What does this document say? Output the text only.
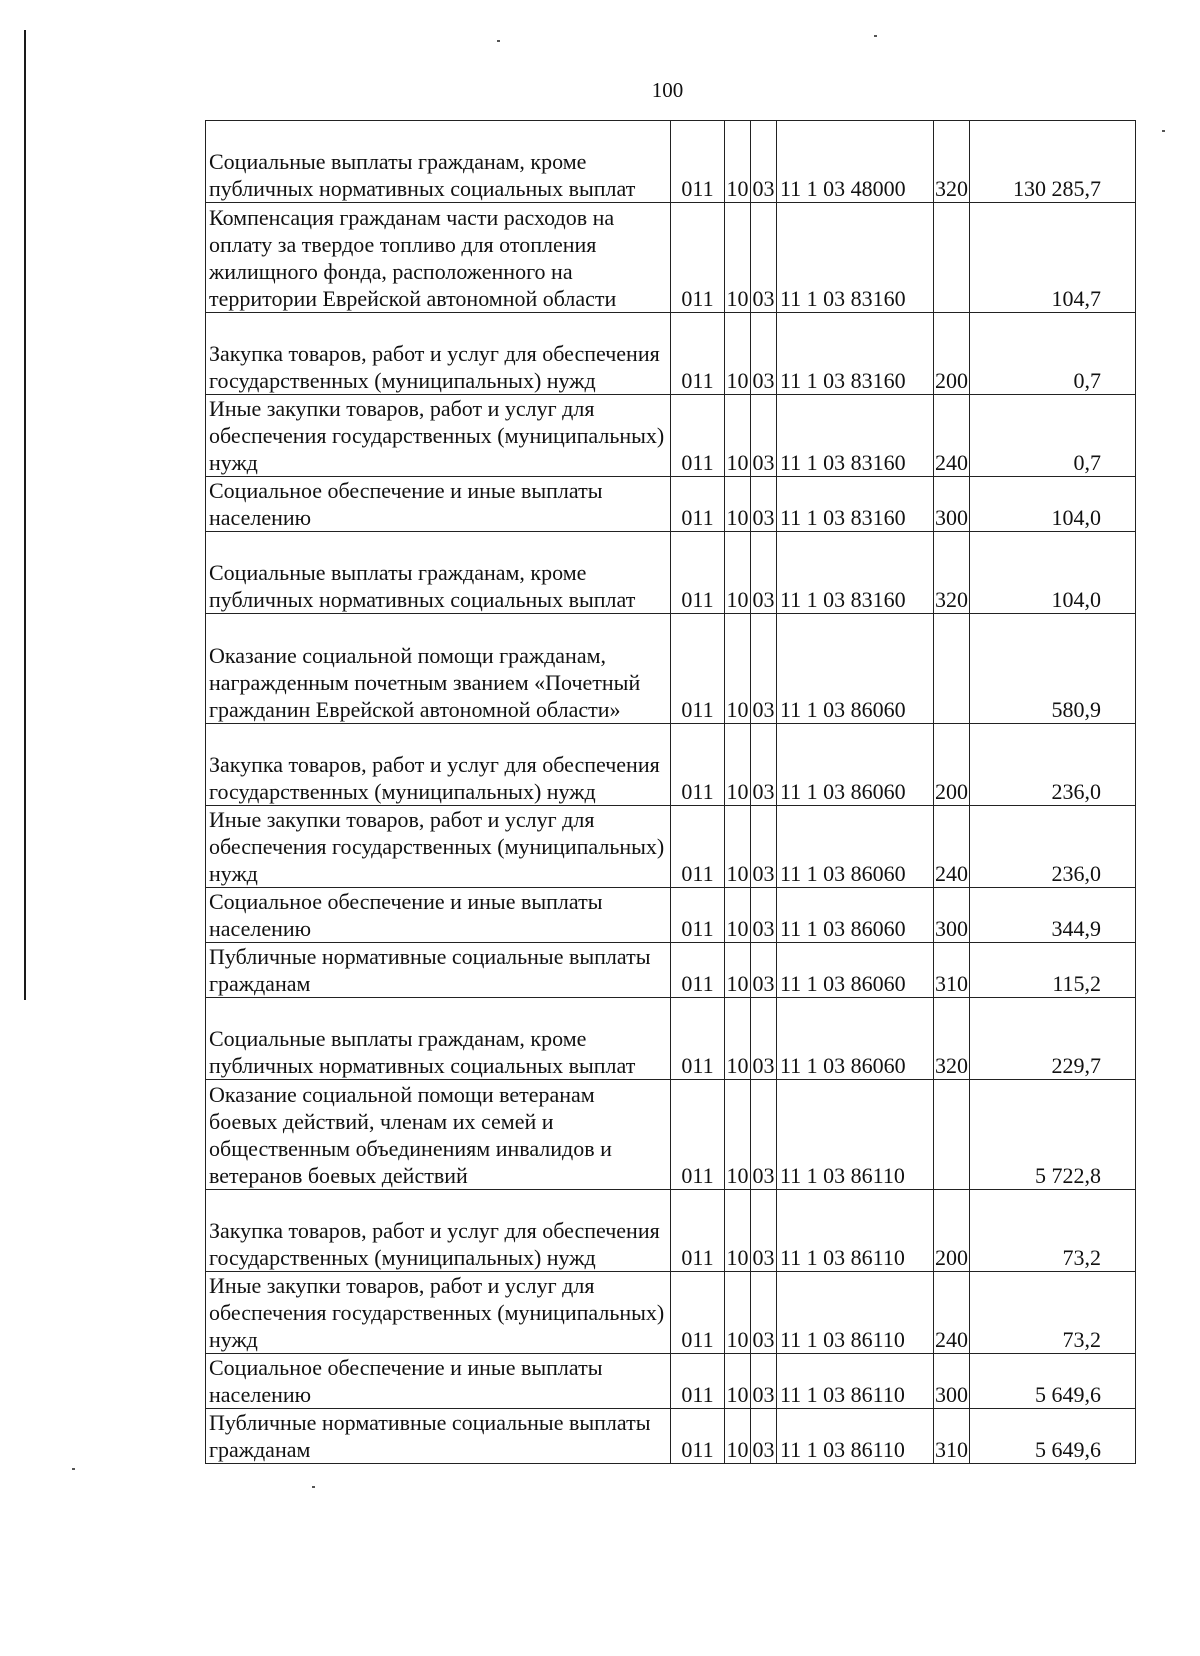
100
Социальные выплаты гражданам, кроме публичных нормативных социальных выплат	011	10	03	11 1 03 48000	320	130 285,7
Компенсация гражданам части расходов на оплату за твердое топливо для отопления жилищного фонда, расположенного на территории Еврейской автономной области	011	10	03	11 1 03 83160		104,7
Закупка товаров, работ и услуг для обеспечения государственных (муниципальных) нужд	011	10	03	11 1 03 83160	200	0,7
Иные закупки товаров, работ и услуг для обеспечения государственных (муниципальных) нужд	011	10	03	11 1 03 83160	240	0,7
Социальное обеспечение и иные выплаты населению	011	10	03	11 1 03 83160	300	104,0
Социальные выплаты гражданам, кроме публичных нормативных социальных выплат	011	10	03	11 1 03 83160	320	104,0
Оказание социальной помощи гражданам, награжденным почетным званием «Почетный гражданин Еврейской автономной области»	011	10	03	11 1 03 86060		580,9
Закупка товаров, работ и услуг для обеспечения государственных (муниципальных) нужд	011	10	03	11 1 03 86060	200	236,0
Иные закупки товаров, работ и услуг для обеспечения государственных (муниципальных) нужд	011	10	03	11 1 03 86060	240	236,0
Социальное обеспечение и иные выплаты населению	011	10	03	11 1 03 86060	300	344,9
Публичные нормативные социальные выплаты гражданам	011	10	03	11 1 03 86060	310	115,2
Социальные выплаты гражданам, кроме публичных нормативных социальных выплат	011	10	03	11 1 03 86060	320	229,7
Оказание социальной помощи ветеранам боевых действий, членам их семей и общественным объединениям инвалидов и ветеранов боевых действий	011	10	03	11 1 03 86110		5 722,8
Закупка товаров, работ и услуг для обеспечения государственных (муниципальных) нужд	011	10	03	11 1 03 86110	200	73,2
Иные закупки товаров, работ и услуг для обеспечения государственных (муниципальных) нужд	011	10	03	11 1 03 86110	240	73,2
Социальное обеспечение и иные выплаты населению	011	10	03	11 1 03 86110	300	5 649,6
Публичные нормативные социальные выплаты гражданам	011	10	03	11 1 03 86110	310	5 649,6
